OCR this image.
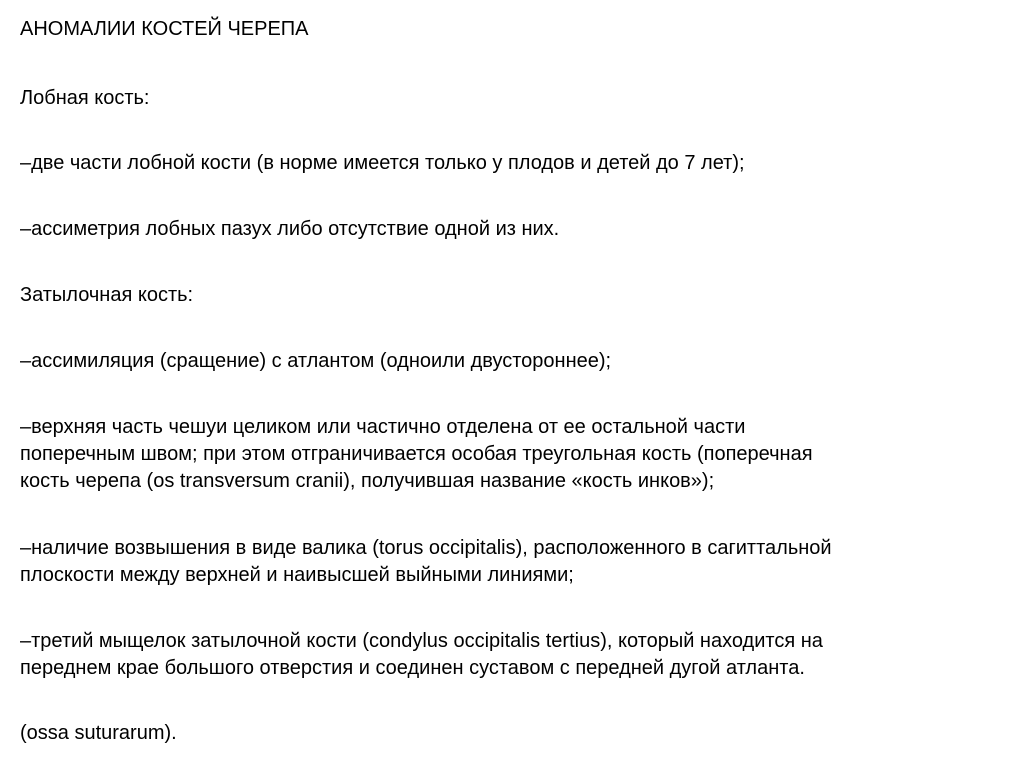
АНОМАЛИИ КОСТЕЙ ЧЕРЕПА

Лобная кость:

–две части лобной кости (в норме имеется только у плодов и детей до 7 лет);

–ассиметрия лобных пазух либо отсутствие одной из них.

Затылочная кость:

–ассимиляция (сращение) с атлантом (одноили двустороннее);

–верхняя часть чешуи целиком или частично отделена от ее остальной части
поперечным швом; при этом отграничивается особая треугольная кость (поперечная
кость черепа (os transversum cranii), получившая название «кость инков»);

–наличие возвышения в виде валика (torus occipitalis), расположенного в сагиттальной
плоскости между верхней и наивысшей выйными линиями;

–третий мыщелок затылочной кости (condylus occipitalis tertius), который находится на
переднем крае большого отверстия и соединен суставом с передней дугой атланта.

(ossa suturarum).
